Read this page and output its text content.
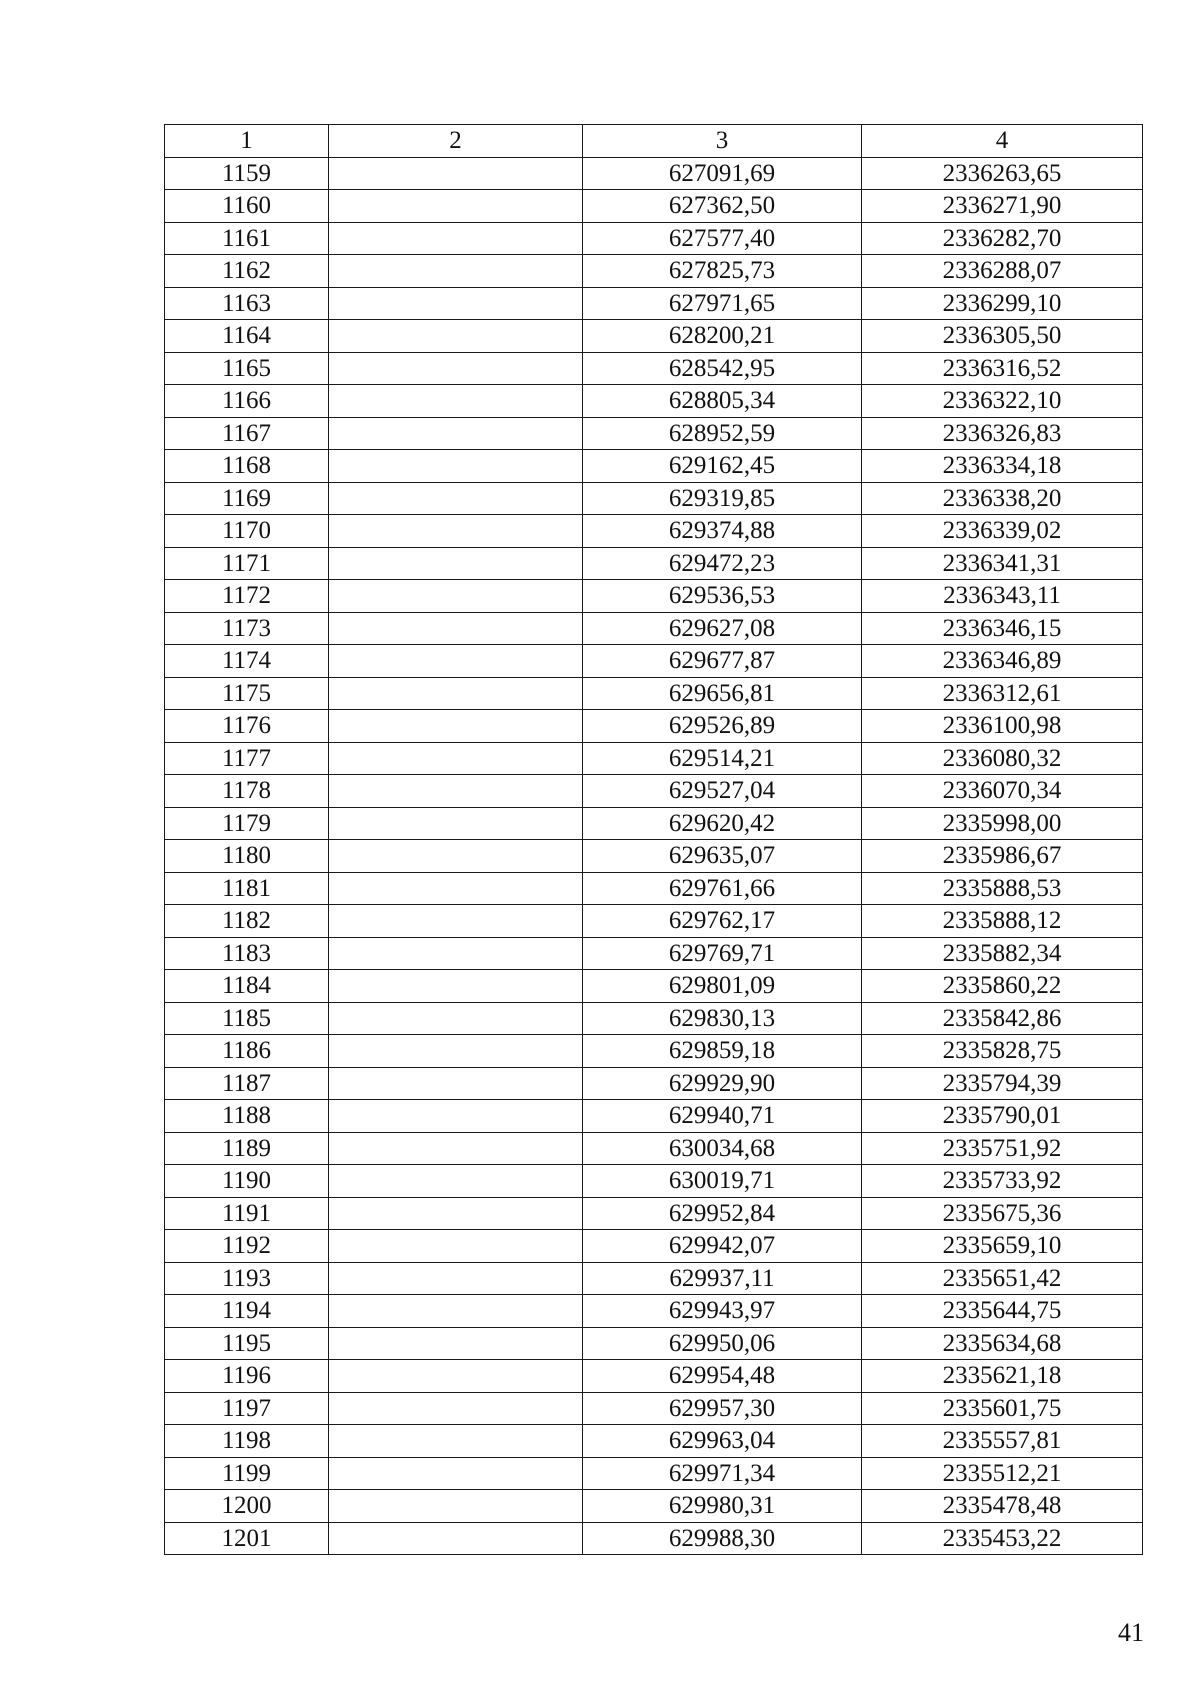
1	2	3	4
1159		627091,69	2336263,65
1160		627362,50	2336271,90
1161		627577,40	2336282,70
1162		627825,73	2336288,07
1163		627971,65	2336299,10
1164		628200,21	2336305,50
1165		628542,95	2336316,52
1166		628805,34	2336322,10
1167		628952,59	2336326,83
1168		629162,45	2336334,18
1169		629319,85	2336338,20
1170		629374,88	2336339,02
1171		629472,23	2336341,31
1172		629536,53	2336343,11
1173		629627,08	2336346,15
1174		629677,87	2336346,89
1175		629656,81	2336312,61
1176		629526,89	2336100,98
1177		629514,21	2336080,32
1178		629527,04	2336070,34
1179		629620,42	2335998,00
1180		629635,07	2335986,67
1181		629761,66	2335888,53
1182		629762,17	2335888,12
1183		629769,71	2335882,34
1184		629801,09	2335860,22
1185		629830,13	2335842,86
1186		629859,18	2335828,75
1187		629929,90	2335794,39
1188		629940,71	2335790,01
1189		630034,68	2335751,92
1190		630019,71	2335733,92
1191		629952,84	2335675,36
1192		629942,07	2335659,10
1193		629937,11	2335651,42
1194		629943,97	2335644,75
1195		629950,06	2335634,68
1196		629954,48	2335621,18
1197		629957,30	2335601,75
1198		629963,04	2335557,81
1199		629971,34	2335512,21
1200		629980,31	2335478,48
1201		629988,30	2335453,22
41
